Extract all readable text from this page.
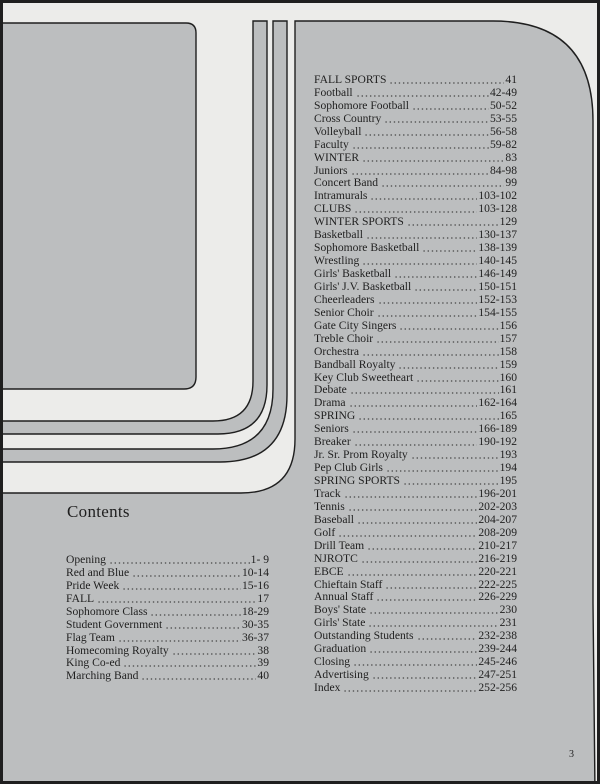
Contents
Opening	1- 9
Red and Blue	10-14
Pride Week	15-16
FALL	17
Sophomore Class	18-29
Student Government	30-35
Flag Team	36-37
Homecoming Royalty	38
King Co-ed	39
Marching Band	40
FALL SPORTS	41
Football	42-49
Sophomore Football	50-52
Cross Country	53-55
Volleyball	56-58
Faculty	59-82
WINTER	83
Juniors	84-98
Concert Band	99
Intramurals	103-102
CLUBS	103-128
WINTER SPORTS	129
Basketball	130-137
Sophomore Basketball	138-139
Wrestling	140-145
Girls' Basketball	146-149
Girls' J.V. Basketball	150-151
Cheerleaders	152-153
Senior Choir	154-155
Gate City Singers	156
Treble Choir	157
Orchestra	158
Bandball Royalty	159
Key Club Sweetheart	160
Debate	161
Drama	162-164
SPRING	165
Seniors	166-189
Breaker	190-192
Jr. Sr. Prom Royalty	193
Pep Club Girls	194
SPRING SPORTS	195
Track	196-201
Tennis	202-203
Baseball	204-207
Golf	208-209
Drill Team	210-217
NJROTC	216-219
EBCE	220-221
Chieftain Staff	222-225
Annual Staff	226-229
Boys' State	230
Girls' State	231
Outstanding Students	232-238
Graduation	239-244
Closing	245-246
Advertising	247-251
Index	252-256
3
